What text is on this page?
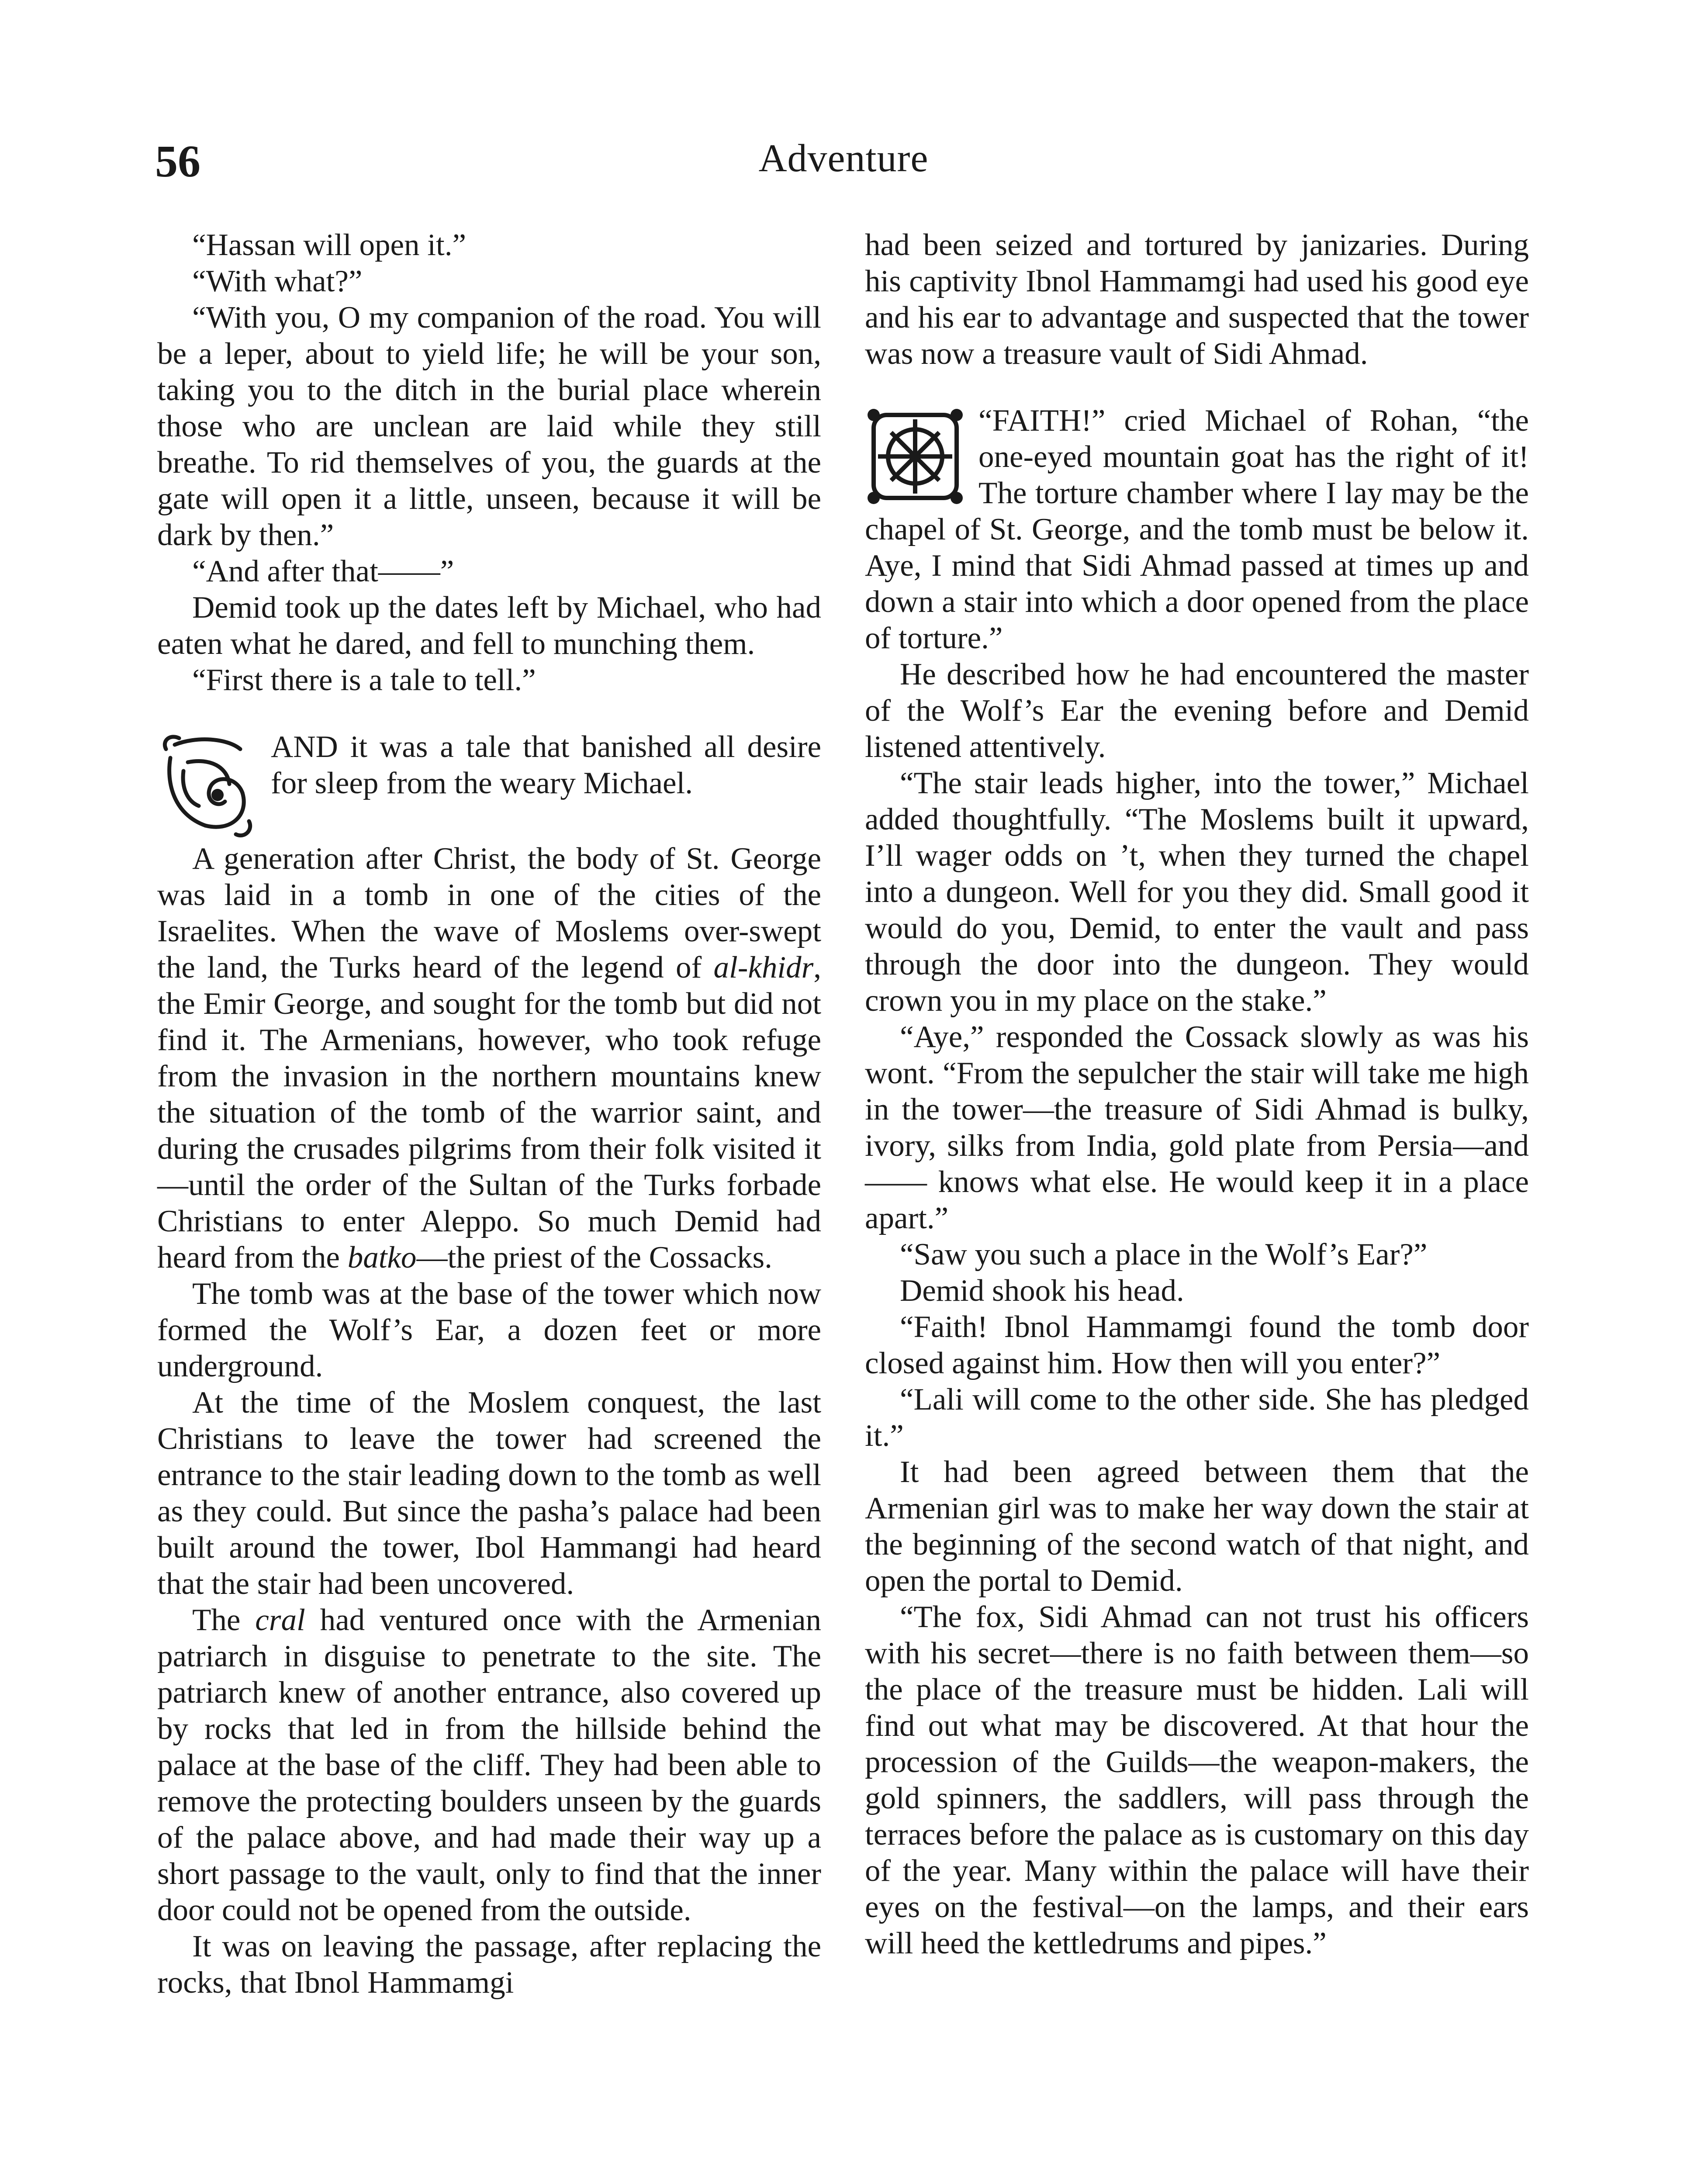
56	Adventure

“Hassan will open it.”

“With what?”

“With you, O my companion of the road. You will be a leper, about to yield life; he will be your son, taking you to the ditch in the burial place wherein those who are unclean are laid while they still breathe. To rid themselves of you, the guards at the gate will open it a little, unseen, because it will be dark by then.”

“And after that——”

Demid took up the dates left by Michael, who had eaten what he dared, and fell to munching them.

“First there is a tale to tell.”

AND it was a tale that banished all desire for sleep from the weary Michael.

A generation after Christ, the body of St. George was laid in a tomb in one of the cities of the Israelites. When the wave of Moslems over-swept the land, the Turks heard of the legend of al-khidr, the Emir George, and sought for the tomb but did not find it. The Armenians, however, who took refuge from the invasion in the northern mountains knew the situation of the tomb of the warrior saint, and during the crusades pilgrims from their folk visited it—until the order of the Sultan of the Turks forbade Christians to enter Aleppo. So much Demid had heard from the batko—the priest of the Cossacks.

The tomb was at the base of the tower which now formed the Wolf’s Ear, a dozen feet or more underground.

At the time of the Moslem conquest, the last Christians to leave the tower had screened the entrance to the stair leading down to the tomb as well as they could. But since the pasha’s palace had been built around the tower, Ibol Hammangi had heard that the stair had been uncovered.

The cral had ventured once with the Armenian patriarch in disguise to penetrate to the site. The patriarch knew of another entrance, also covered up by rocks that led in from the hillside behind the palace at the base of the cliff. They had been able to remove the protecting boulders unseen by the guards of the palace above, and had made their way up a short passage to the vault, only to find that the inner door could not be opened from the outside.

It was on leaving the passage, after replacing the rocks, that Ibnol Hammamgi

had been seized and tortured by janizaries. During his captivity Ibnol Hammamgi had used his good eye and his ear to advantage and suspected that the tower was now a treasure vault of Sidi Ahmad.

“FAITH!” cried Michael of Rohan, “the one-eyed mountain goat has the right of it! The torture chamber where I lay may be the chapel of St. George, and the tomb must be below it. Aye, I mind that Sidi Ahmad passed at times up and down a stair into which a door opened from the place of torture.”

He described how he had encountered the master of the Wolf’s Ear the evening before and Demid listened attentively.

“The stair leads higher, into the tower,” Michael added thoughtfully. “The Moslems built it upward, I’ll wager odds on ’t, when they turned the chapel into a dungeon. Well for you they did. Small good it would do you, Demid, to enter the vault and pass through the door into the dungeon. They would crown you in my place on the stake.”

“Aye,” responded the Cossack slowly as was his wont. “From the sepulcher the stair will take me high in the tower—the treasure of Sidi Ahmad is bulky, ivory, silks from India, gold plate from Persia—and —— knows what else. He would keep it in a place apart.”

“Saw you such a place in the Wolf’s Ear?”

Demid shook his head.

“Faith! Ibnol Hammamgi found the tomb door closed against him. How then will you enter?”

“Lali will come to the other side. She has pledged it.”

It had been agreed between them that the Armenian girl was to make her way down the stair at the beginning of the second watch of that night, and open the portal to Demid.

“The fox, Sidi Ahmad can not trust his officers with his secret—there is no faith between them—so the place of the treasure must be hidden. Lali will find out what may be discovered. At that hour the procession of the Guilds—the weapon-makers, the gold spinners, the saddlers, will pass through the terraces before the palace as is customary on this day of the year. Many within the palace will have their eyes on the festival—on the lamps, and their ears will heed the kettledrums and pipes.”
